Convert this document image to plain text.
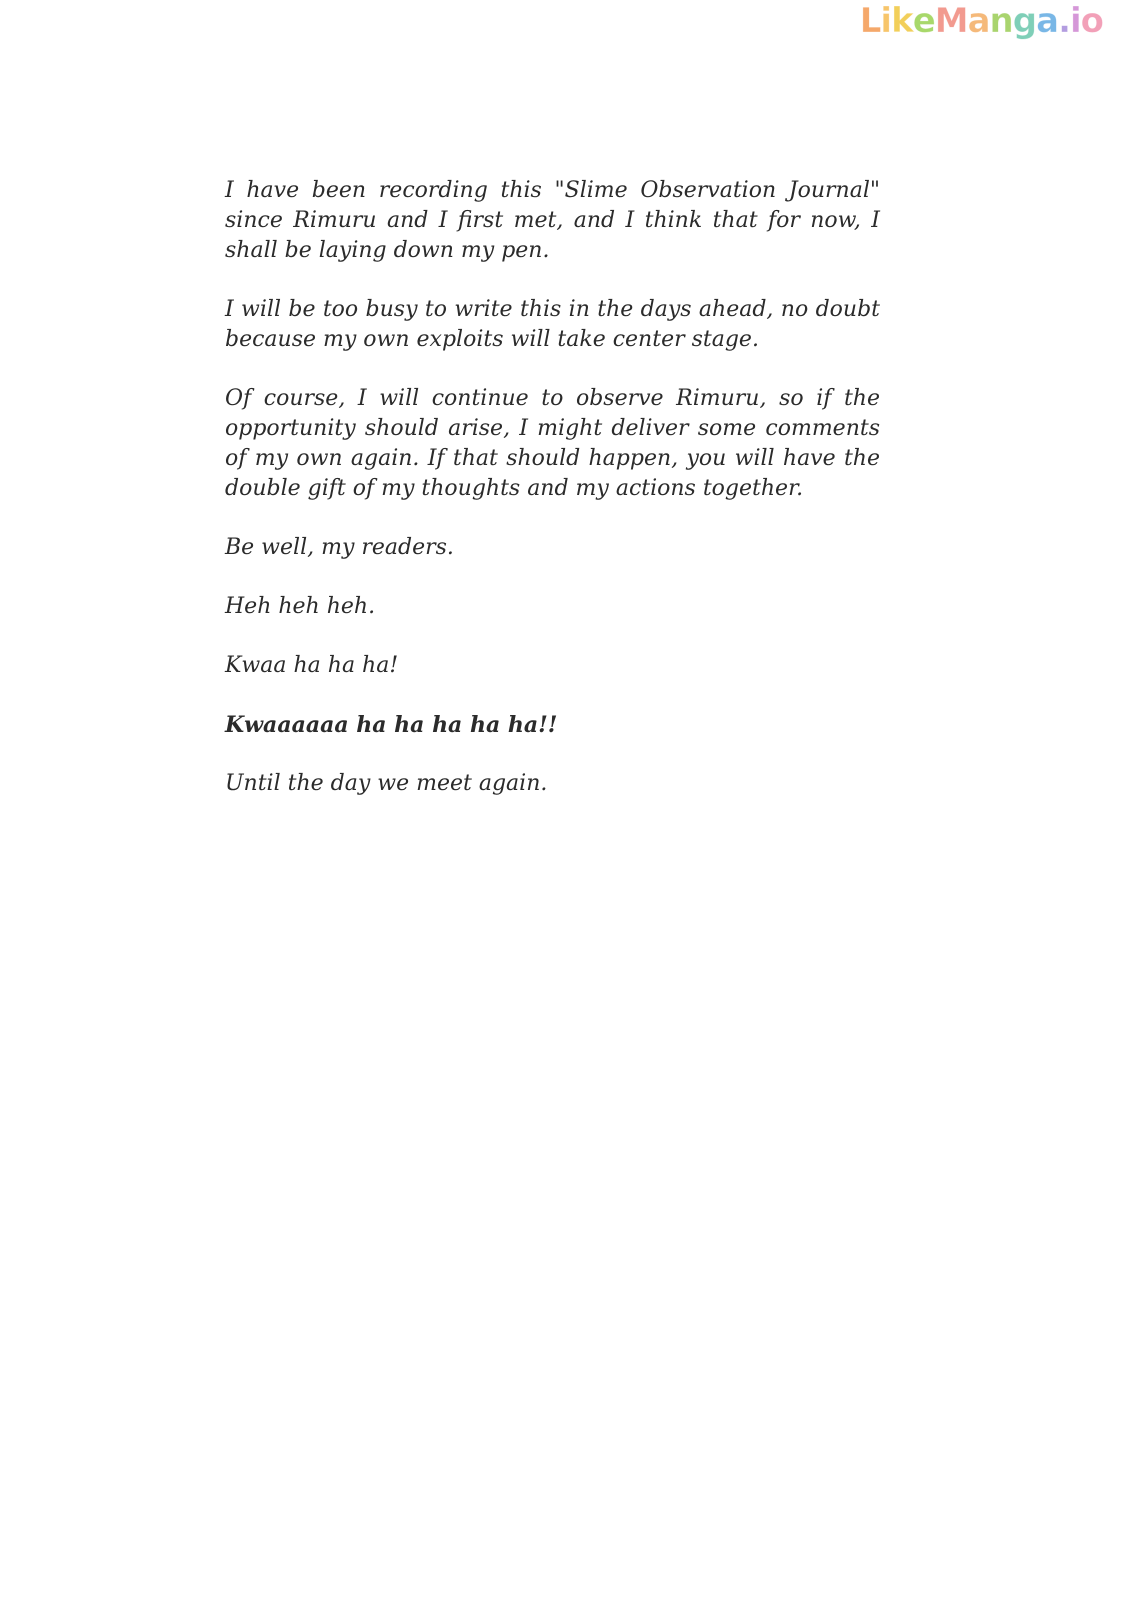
L i k e M a n g a . i o

I have been recording this "Slime Observation Journal" since Rimuru and I first met, and I think that for now, I shall be laying down my pen.

I will be too busy to write this in the days ahead, no doubt because my own exploits will take center stage.

Of course, I will continue to observe Rimuru, so if the opportunity should arise, I might deliver some comments of my own again. If that should happen, you will have the double gift of my thoughts and my actions together.

Be well, my readers.

Heh heh heh.

Kwaa ha ha ha!

Kwaaaaaa ha ha ha ha ha!!

Until the day we meet again.
